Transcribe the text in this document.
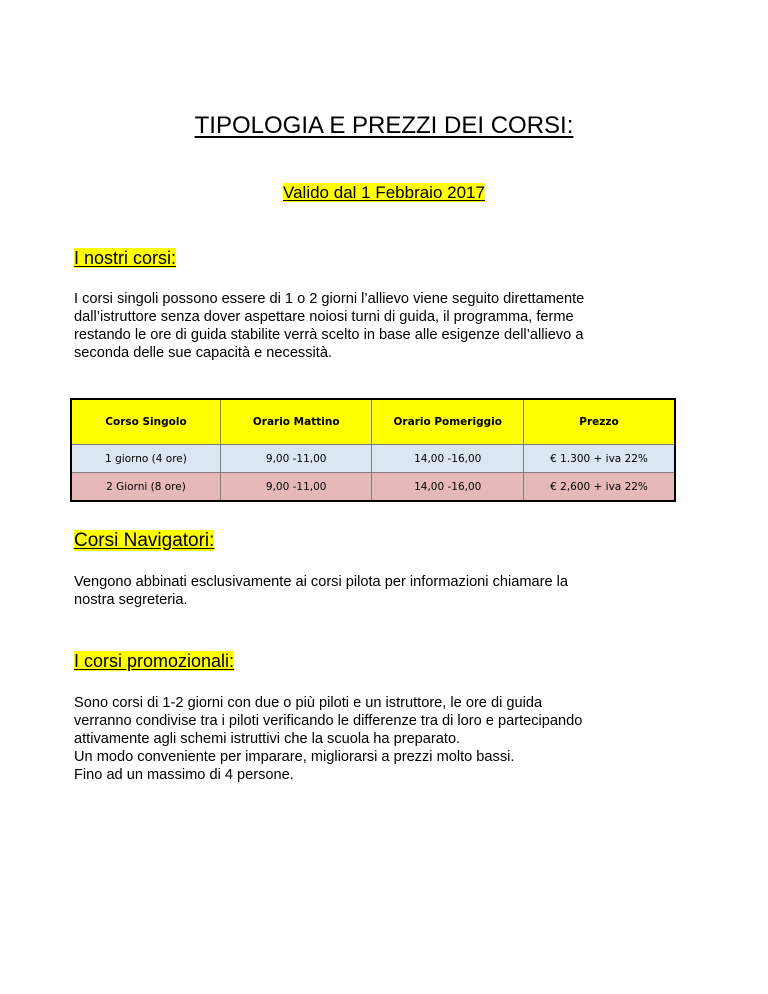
TIPOLOGIA E PREZZI DEI CORSI:
Valido dal 1 Febbraio 2017
I nostri corsi:

I corsi singoli possono essere di 1 o 2 giorni l’allievo viene seguito direttamente

dall’istruttore senza dover aspettare noiosi turni di guida, il programma, ferme

restando le ore di guida stabilite verrà scelto in base alle esigenze dell’allievo a

seconda delle sue capacità e necessità.

Corso Singolo	Orario Mattino	Orario Pomeriggio	Prezzo
1 giorno (4 ore)	9,00 -11,00	14,00 -16,00	€ 1.300 + iva 22%
2 Giorni (8 ore)	9,00 -11,00	14,00 -16,00	€ 2,600 + iva 22%
Corsi Navigatori:

Vengono abbinati esclusivamente ai corsi pilota per informazioni chiamare la

nostra segreteria.

I corsi promozionali:

Sono corsi di 1-2 giorni con due o più piloti e un istruttore, le ore di guida

verranno condivise tra i piloti verificando le differenze tra di loro e partecipando

attivamente agli schemi istruttivi che la scuola ha preparato.

Un modo conveniente per imparare, migliorarsi a prezzi molto bassi.

Fino ad un massimo di 4 persone.
